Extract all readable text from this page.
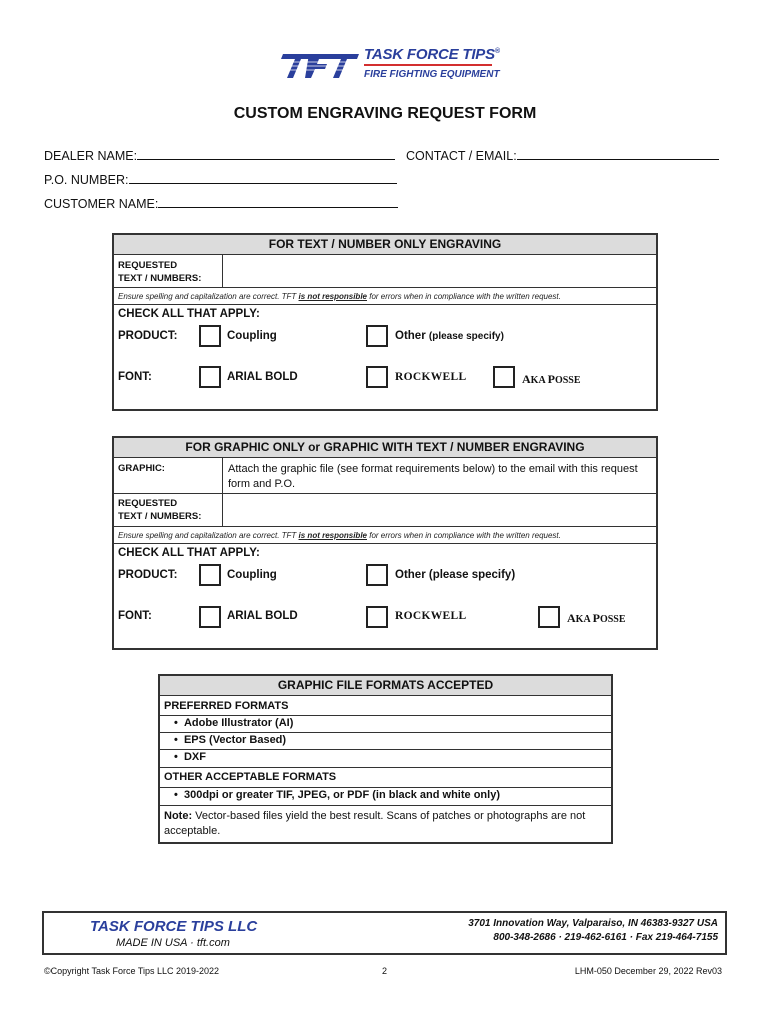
TASK FORCE TIPS®
FIRE FIGHTING EQUIPMENT
CUSTOM ENGRAVING REQUEST FORM
DEALER NAME:	CONTACT / EMAIL:
P.O. NUMBER:
CUSTOMER NAME:
FOR TEXT / NUMBER ONLY ENGRAVING
REQUESTED
TEXT / NUMBERS:
Ensure spelling and capitalization are correct. TFT is not responsible for errors when in compliance with the written request.
CHECK ALL THAT APPLY:
PRODUCT:	Coupling	Other (please specify)
FONT:	ARIAL BOLD	ROCKWELL	AKA POSSE
FOR GRAPHIC ONLY or GRAPHIC WITH TEXT / NUMBER ENGRAVING
GRAPHIC:	Attach the graphic file (see format requirements below) to the email with this request
form and P.O.
REQUESTED
TEXT / NUMBERS:
Ensure spelling and capitalization are correct. TFT is not responsible for errors when in compliance with the written request.
CHECK ALL THAT APPLY:
PRODUCT:	Coupling	Other (please specify)
FONT:	ARIAL BOLD	ROCKWELL	AKA POSSE
GRAPHIC FILE FORMATS ACCEPTED
PREFERRED FORMATS
•  Adobe Illustrator (AI)
•  EPS (Vector Based)
•  DXF
OTHER ACCEPTABLE FORMATS
•  300dpi or greater TIF, JPEG, or PDF (in black and white only)
Note: Vector-based files yield the best result. Scans of patches or photographs are not
acceptable.
TASK FORCE TIPS LLC
MADE IN USA · tft.com
3701 Innovation Way, Valparaiso, IN 46383-9327 USA
800-348-2686 · 219-462-6161 · Fax 219-464-7155
©Copyright Task Force Tips LLC 2019-2022	2	LHM-050 December 29, 2022 Rev03
